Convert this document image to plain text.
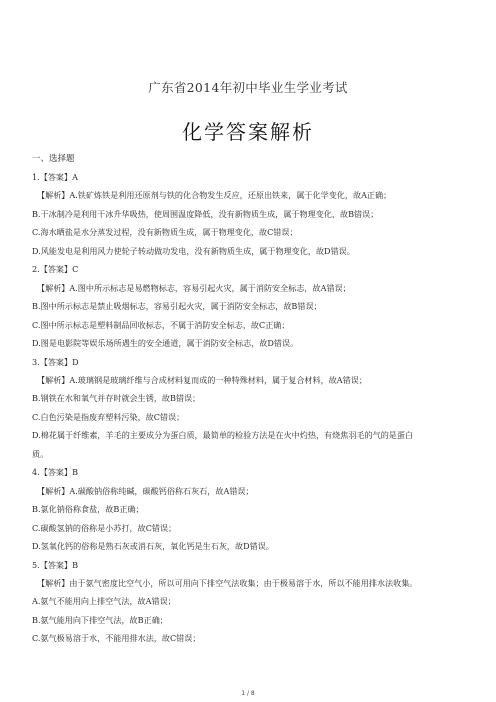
广东省2014年初中毕业生学业考试
化学答案解析
一、选择题
1.【答案】A
【解析】A.铁矿炼铁是利用还原剂与铁的化合物发生反应，还原出铁来，属于化学变化，故A正确；
B.干冰制冷是利用干冰升华吸热，使周围温度降低，没有新物质生成，属于物理变化，故B错误；
C.海水晒盐是水分蒸发过程，没有新物质生成，属于物理变化，故C错误；
D.风能发电是利用风力使轮子转动做功发电，没有新物质生成，属于物理变化，故D错误。
2.【答案】C
【解析】A.图中所示标志是易燃物标志，容易引起火灾，属于消防安全标志，故A错误；
B.图中所示标志是禁止吸烟标志，容易引起火灾，属于消防安全标志，故B错误；
C.图中所示标志是塑料制品回收标志，不属于消防安全标志，故C正确；
D.图是电影院等娱乐场所遇生的安全通道，属于消防安全标志，故D错误。
3.【答案】D
【解析】A.玻璃钢是玻璃纤维与合成材料复而成的一种特殊材料，属于复合材料，故A错误；
B.钢铁在水和氧气并存时就会生锈，故B错误；
C.白色污染是指废弃塑料污染，故C错误；
D.棉花属于纤维素，羊毛的主要成分为蛋白质，最简单的检验方法是在火中灼热，有烧焦羽毛的气的是蛋白
质。
4.【答案】B
【解析】A.碳酸钠俗称纯碱，碳酸钙俗称石灰石，故A错误；
B.氯化钠俗称食盐，故B正确；
C.碳酸氢钠的俗称是小苏打，故C错误；
D.氢氧化钙的俗称是熟石灰或消石灰，氧化钙是生石灰，故D错误。
5.【答案】B
【解析】由于氨气密度比空气小，所以可用向下排空气法收集；由于极易溶于水，所以不能用排水法收集。
A.氨气不能用向上排空气法，故A错误；
B.氨气能用向下排空气法，故B正确；
C.氨气极易溶于水，不能用排水法，故C错误；
1 / 8
